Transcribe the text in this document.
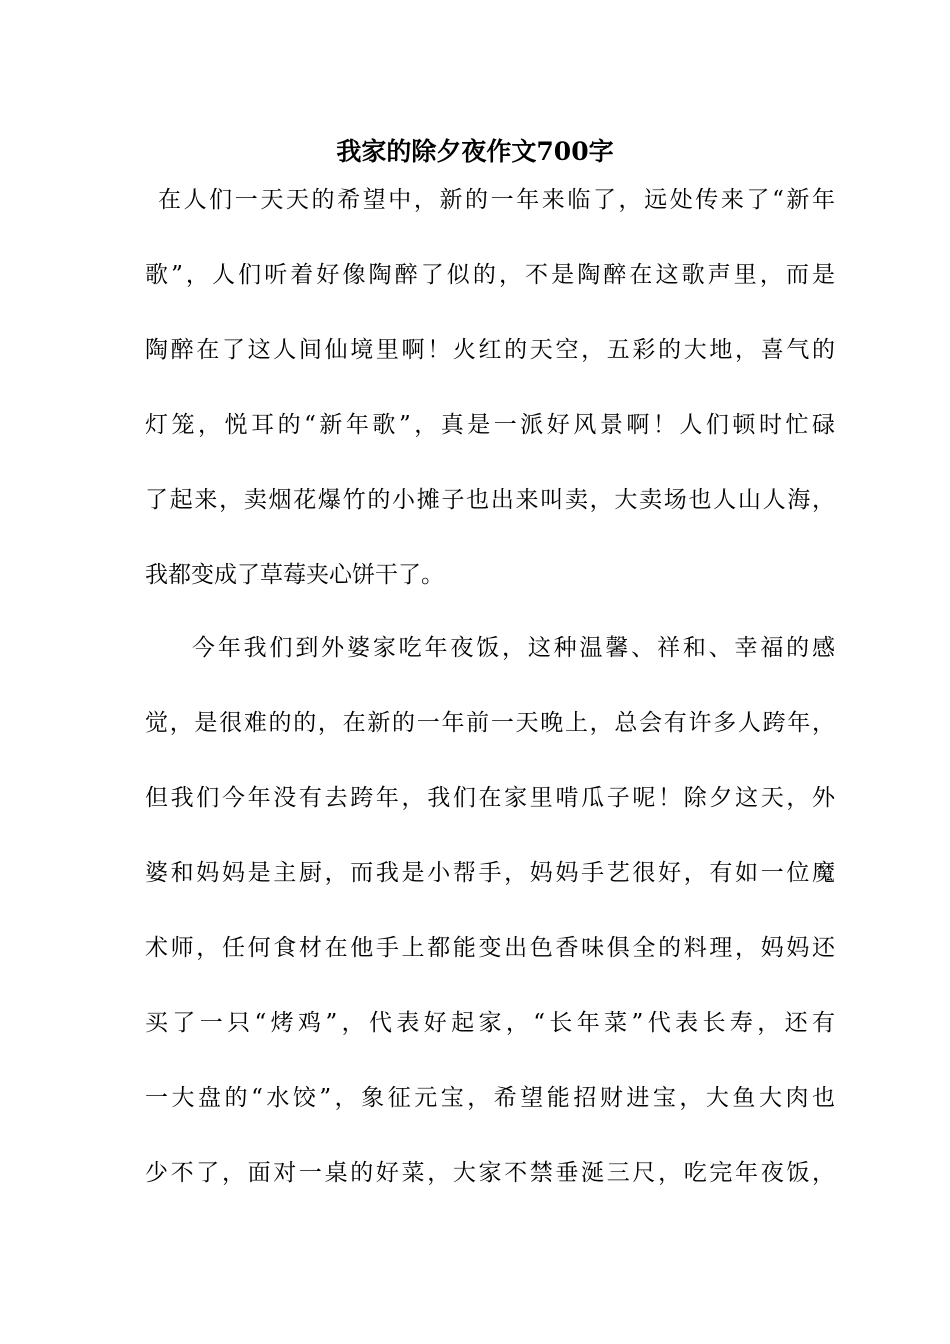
我家的除夕夜作文700字

在人们一天天的希望中，新的一年来临了，远处传来了“新年

歌”，人们听着好像陶醉了似的，不是陶醉在这歌声里，而是

陶醉在了这人间仙境里啊！火红的天空，五彩的大地，喜气的

灯笼，悦耳的“新年歌”，真是一派好风景啊！人们顿时忙碌

了起来，卖烟花爆竹的小摊子也出来叫卖，大卖场也人山人海，

我都变成了草莓夹心饼干了。

今年我们到外婆家吃年夜饭，这种温馨、祥和、幸福的感

觉，是很难的的，在新的一年前一天晚上，总会有许多人跨年，

但我们今年没有去跨年，我们在家里啃瓜子呢！除夕这天，外

婆和妈妈是主厨，而我是小帮手，妈妈手艺很好，有如一位魔

术师，任何食材在他手上都能变出色香味俱全的料理，妈妈还

买了一只“烤鸡”，代表好起家，“长年菜”代表长寿，还有

一大盘的“水饺”，象征元宝，希望能招财进宝，大鱼大肉也

少不了，面对一桌的好菜，大家不禁垂涎三尺，吃完年夜饭，
